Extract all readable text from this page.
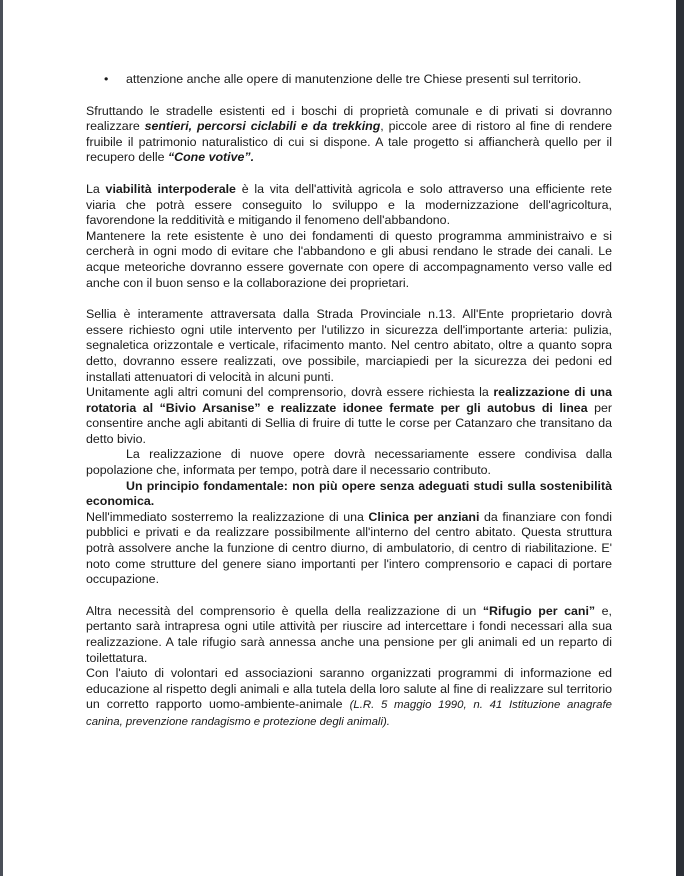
•	attenzione anche alle opere di manutenzione delle tre Chiese presenti sul territorio.

Sfruttando le stradelle esistenti ed i boschi di proprietà comunale e di privati si dovranno realizzare sentieri, percorsi ciclabili e da trekking, piccole aree di ristoro al fine di rendere fruibile il patrimonio naturalistico di cui si dispone. A tale progetto si affiancherà quello per il recupero delle “Cone votive”.

La viabilità interpoderale è la vita dell'attività agricola e solo attraverso una efficiente rete viaria che potrà essere conseguito lo sviluppo e la modernizzazione dell'agricoltura, favorendone la redditività e mitigando il fenomeno dell'abbandono.

Mantenere la rete esistente è uno dei fondamenti di questo programma amministraivo e si cercherà in ogni modo di evitare che l'abbandono e gli abusi rendano le strade dei canali. Le acque meteoriche dovranno essere governate con opere di accompagnamento verso valle ed anche con il buon senso e la collaborazione dei proprietari.

Sellia è interamente attraversata dalla Strada Provinciale n.13. All'Ente proprietario dovrà essere richiesto ogni utile intervento per l'utilizzo in sicurezza dell'importante arteria: pulizia, segnaletica orizzontale e verticale, rifacimento manto. Nel centro abitato, oltre a quanto sopra detto, dovranno essere realizzati, ove possibile, marciapiedi per la sicurezza dei pedoni ed installati attenuatori di velocità in alcuni punti.

Unitamente agli altri comuni del comprensorio, dovrà essere richiesta la realizzazione di una rotatoria al “Bivio Arsanise” e realizzate idonee fermate per gli autobus di linea per consentire anche agli abitanti di Sellia di fruire di tutte le corse per Catanzaro che transitano da detto bivio.

La realizzazione di nuove opere dovrà necessariamente essere condivisa dalla popolazione che, informata per tempo, potrà dare il necessario contributo.

Un principio fondamentale: non più opere senza adeguati studi sulla sostenibilità economica.

Nell'immediato sosterremo la realizzazione di una Clinica per anziani da finanziare con fondi pubblici e privati e da realizzare possibilmente all'interno del centro abitato. Questa struttura potrà assolvere anche la funzione di centro diurno, di ambulatorio, di centro di riabilitazione. E' noto come strutture del genere siano importanti per l'intero comprensorio e capaci di portare occupazione.

Altra necessità del comprensorio è quella della realizzazione di un “Rifugio per cani” e, pertanto sarà intrapresa ogni utile attività per riuscire ad intercettare i fondi necessari alla sua realizzazione. A tale rifugio sarà annessa anche una pensione per gli animali ed un reparto di toilettatura.

Con l'aiuto di volontari ed associazioni saranno organizzati programmi di informazione ed educazione al rispetto degli animali e alla tutela della loro salute al fine di realizzare sul territorio un corretto rapporto uomo-ambiente-animale (L.R. 5 maggio 1990, n. 41 Istituzione anagrafe canina, prevenzione randagismo e protezione degli animali).
